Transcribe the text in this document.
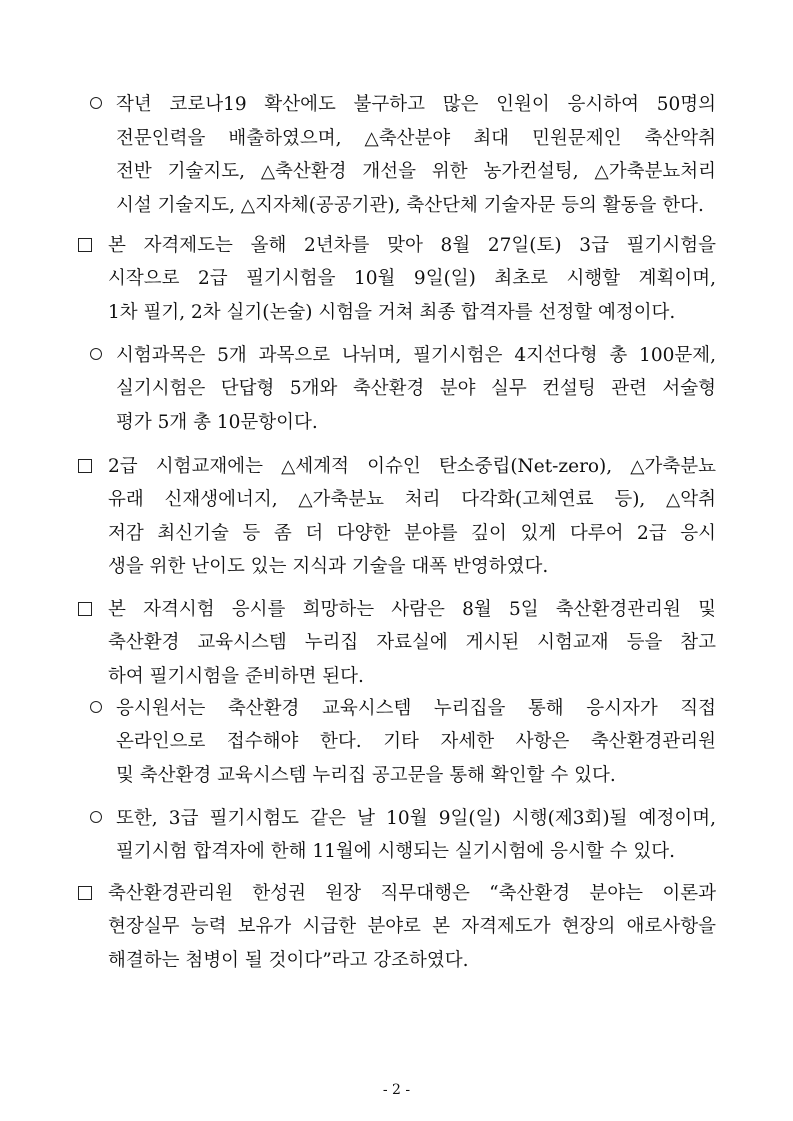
작년 코로나19 확산에도 불구하고 많은 인원이 응시하여 50명의
전문인력을 배출하였으며, △축산분야 최대 민원문제인 축산악취
전반 기술지도, △축산환경 개선을 위한 농가컨설팅, △가축분뇨처리
시설 기술지도, △지자체(공공기관), 축산단체 기술자문 등의 활동을 한다.
본 자격제도는 올해 2년차를 맞아 8월 27일(토) 3급 필기시험을
시작으로 2급 필기시험을 10월 9일(일) 최초로 시행할 계획이며,
1차 필기, 2차 실기(논술) 시험을 거쳐 최종 합격자를 선정할 예정이다.
시험과목은 5개 과목으로 나뉘며, 필기시험은 4지선다형 총 100문제,
실기시험은 단답형 5개와 축산환경 분야 실무 컨설팅 관련 서술형
평가 5개 총 10문항이다.
2급 시험교재에는 △세계적 이슈인 탄소중립(Net-zero), △가축분뇨
유래 신재생에너지, △가축분뇨 처리 다각화(고체연료 등), △악취
저감 최신기술 등 좀 더 다양한 분야를 깊이 있게 다루어 2급 응시
생을 위한 난이도 있는 지식과 기술을 대폭 반영하였다.
본 자격시험 응시를 희망하는 사람은 8월 5일 축산환경관리원 및
축산환경 교육시스템 누리집 자료실에 게시된 시험교재 등을 참고
하여 필기시험을 준비하면 된다.
응시원서는 축산환경 교육시스템 누리집을 통해 응시자가 직접
온라인으로 접수해야 한다. 기타 자세한 사항은 축산환경관리원
및 축산환경 교육시스템 누리집 공고문을 통해 확인할 수 있다.
또한, 3급 필기시험도 같은 날 10월 9일(일) 시행(제3회)될 예정이며,
필기시험 합격자에 한해 11월에 시행되는 실기시험에 응시할 수 있다.
축산환경관리원 한성권 원장 직무대행은 “축산환경 분야는 이론과
현장실무 능력 보유가 시급한 분야로 본 자격제도가 현장의 애로사항을
해결하는 첨병이 될 것이다”라고 강조하였다.
- 2 -
